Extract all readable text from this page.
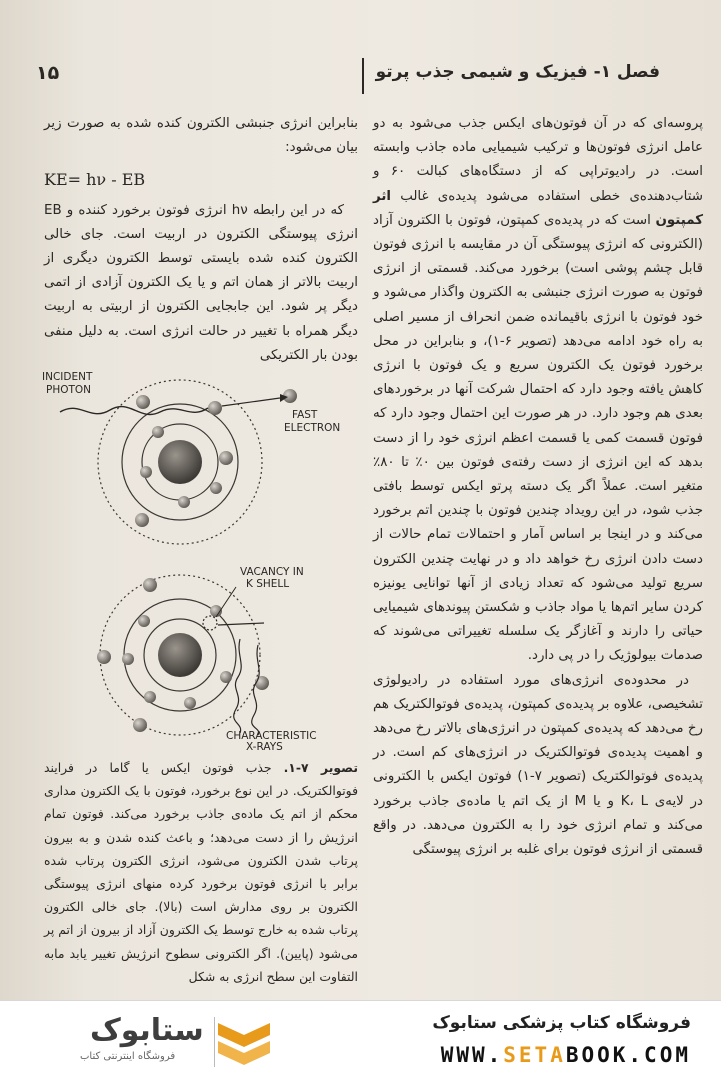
۱۵	فصل ۱- فیزیک و شیمی جذب پرتو

پروسه‌ای که در آن فوتون‌های ایکس جذب می‌شود به دو عامل انرژی فوتون‌ها و ترکیب شیمیایی ماده جاذب وابسته است. در رادیوتراپی که از دستگاه‌های کبالت ۶۰ و شتاب‌دهنده‌ی خطی استفاده می‌شود پدیده‌ی غالب اثر کمپتون است که در پدیده‌ی کمپتون، فوتون با الکترون آزاد (الکترونی که انرژی پیوستگی آن در مقایسه با انرژی فوتون قابل چشم پوشی است) برخورد می‌کند. قسمتی از انرژی فوتون به صورت انرژی جنبشی به الکترون واگذار می‌شود و خود فوتون با انرژی باقیمانده ضمن انحراف از مسیر اصلی به راه خود ادامه می‌دهد (تصویر ۶-۱)، و بنابراین در محل برخورد فوتون یک الکترون سریع و یک فوتون با انرژی کاهش یافته وجود دارد که احتمال شرکت آنها در برخوردهای بعدی هم وجود دارد. در هر صورت این احتمال وجود دارد که فوتون قسمت کمی یا قسمت اعظم انرژی خود را از دست بدهد که این انرژی از دست رفته‌ی فوتون بین ۰٪ تا ۸۰٪ متغیر است. عملاً اگر یک دسته پرتو ایکس توسط بافتی جذب شود، در این رویداد چندین فوتون با چندین اتم برخورد می‌کند و در اینجا بر اساس آمار و احتمالات تمام حالات از دست دادن انرژی رخ خواهد داد و در نهایت چندین الکترون سریع تولید می‌شود که تعداد زیادی از آنها توانایی یونیزه کردن سایر اتم‌ها یا مواد جاذب و شکستن پیوندهای شیمیایی حیاتی را دارند و آغازگر یک سلسله تغییراتی می‌شوند که صدمات بیولوژیک را در پی دارد.

در محدوده‌ی انرژی‌های مورد استفاده در رادیولوژی تشخیصی، علاوه بر پدیده‌ی کمپتون، پدیده‌ی فوتوالکتریک هم رخ می‌دهد که پدیده‌ی کمپتون در انرژی‌های بالاتر رخ می‌دهد و اهمیت پدیده‌ی فوتوالکتریک در انرژی‌های کم است. در پدیده‌ی فوتوالکتریک (تصویر ۷-۱) فوتون ایکس با الکترونی در لایه‌ی K، L و یا M از یک اتم یا ماده‌ی جاذب برخورد می‌کند و تمام انرژی خود را به الکترون می‌دهد. در واقع قسمتی از انرژی فوتون برای غلبه بر انرژی پیوستگی

بنابراین انرژی جنبشی الکترون کنده شده به صورت زیر بیان می‌شود:

KE= hν - EB

که در این رابطه hν انرژی فوتون برخورد کننده و EB انرژی پیوستگی الکترون در اربیت است. جای خالی الکترون کنده شده بایستی توسط الکترون دیگری از اربیت بالاتر از همان اتم و یا یک الکترون آزادی از اتمی دیگر پر شود. این جابجایی الکترون از اربیتی به اربیت دیگر همراه با تغییر در حالت انرژی است. به دلیل منفی بودن بار الکتریکی

INCIDENT
PHOTON
FAST
ELECTRON
VACANCY IN
K SHELL
CHARACTERISTIC
X-RAYS
تصویر ۷-۱. جذب فوتون ایکس یا گاما در فرایند فوتوالکتریک. در این نوع برخورد، فوتون با یک الکترون مداری محکم از اتم یک ماده‌ی جاذب برخورد می‌کند. فوتون تمام انرژیش را از دست می‌دهد؛ و باعث کنده شدن و به بیرون پرتاب شدن الکترون می‌شود، انرژی الکترون پرتاب شده برابر با انرژی فوتون برخورد کرده منهای انرژی پیوستگی الکترون بر روی مدارش است (بالا). جای خالی الکترون پرتاب شده به خارج توسط یک الکترون آزاد از بیرون از اتم پر می‌شود (پایین). اگر الکترونی سطوح انرژیش تغییر یابد مابه التفاوت این سطح انرژی به شکل
ستابوک
فروشگاه اینترنتی کتاب
فروشگاه کتاب پزشکی ستابوک
WWW.SETABOOK.COM
